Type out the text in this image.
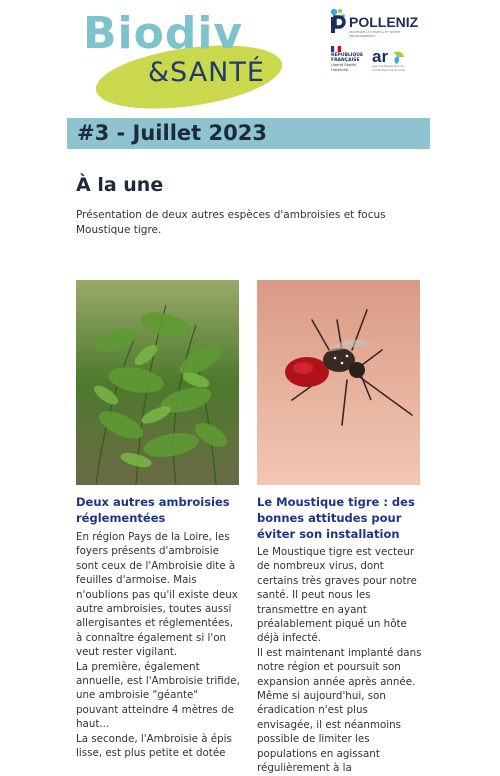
Biodiv
&SANTÉ
POLLENIZ
PROTÉGER LE VÉGÉTAL ET NOTRE ENVIRONNEMENT
RÉPUBLIQUE FRANÇAISE
Liberté Égalité Fraternité
ar
Agence Régionale de Santé Pays de la Loire
#3 - Juillet 2023
À la une
Présentation de deux autres espèces d'ambroisies et focus Moustique tigre.
Deux autres ambroisies réglementées
En région Pays de la Loire, les foyers présents d'ambroisie sont ceux de l'Ambroisie dite à feuilles d'armoise. Mais n'oublions pas qu'il existe deux autre ambroisies, toutes aussi allergisantes et réglementées, à connaître également si l'on veut rester vigilant.
La première, également annuelle, est l'Ambroisie trifide, une ambroisie "géante" pouvant atteindre 4 mètres de haut...
La seconde, l'Ambroisie à épis lisse, est plus petite et dotée
Le Moustique tigre : des bonnes attitudes pour éviter son installation
Le Moustique tigre est vecteur de nombreux virus, dont certains très graves pour notre santé. Il peut nous les transmettre en ayant préalablement piqué un hôte déjà infecté.
Il est maintenant implanté dans notre région et poursuit son expansion année après année. Même si aujourd'hui, son éradication n'est plus envisagée, il est néanmoins possible de limiter les populations en agissant régulièrement à la
